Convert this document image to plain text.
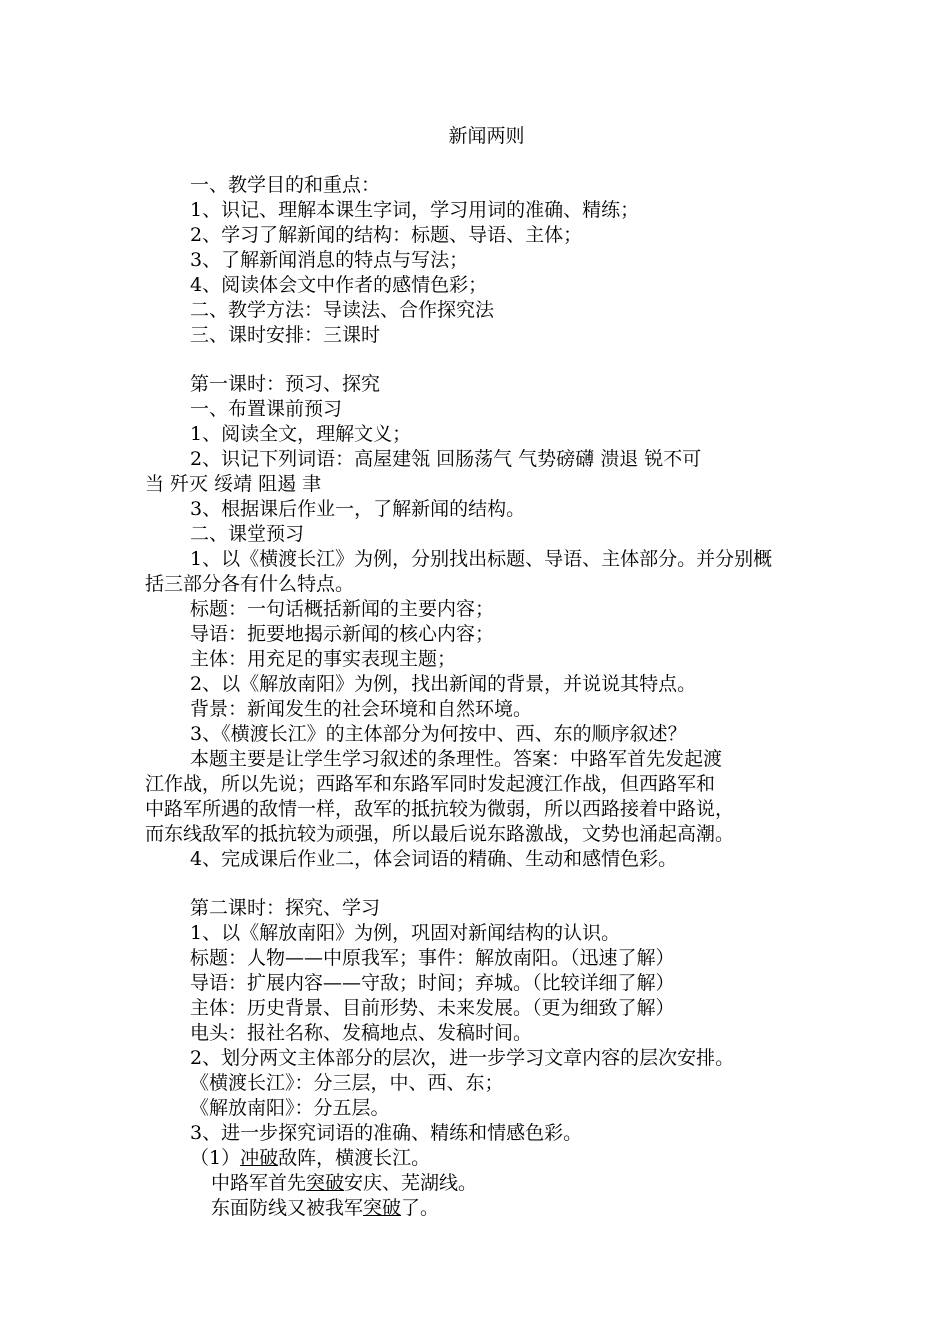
新闻两则
一、教学目的和重点：
1、识记、理解本课生字词，学习用词的准确、精练；
2、学习了解新闻的结构：标题、导语、主体；
3、了解新闻消息的特点与写法；
4、阅读体会文中作者的感情色彩；
二、教学方法：导读法、合作探究法
三、课时安排：三课时
第一课时：预习、探究
一、布置课前预习
1、阅读全文，理解文义；
2、识记下列词语：高屋建瓴 回肠荡气 气势磅礴 溃退 锐不可
当 歼灭 绥靖 阻遏 聿
3、根据课后作业一，了解新闻的结构。
二、课堂预习
1、以《横渡长江》为例，分别找出标题、导语、主体部分。并分别概
括三部分各有什么特点。
标题：一句话概括新闻的主要内容；
导语：扼要地揭示新闻的核心内容；
主体：用充足的事实表现主题；
2、以《解放南阳》为例，找出新闻的背景，并说说其特点。
背景：新闻发生的社会环境和自然环境。
3、《横渡长江》的主体部分为何按中、西、东的顺序叙述？
本题主要是让学生学习叙述的条理性。答案：中路军首先发起渡
江作战，所以先说；西路军和东路军同时发起渡江作战，但西路军和
中路军所遇的敌情一样，敌军的抵抗较为微弱，所以西路接着中路说，
而东线敌军的抵抗较为顽强，所以最后说东路激战，文势也涌起高潮。
4、完成课后作业二，体会词语的精确、生动和感情色彩。
第二课时：探究、学习
1、以《解放南阳》为例，巩固对新闻结构的认识。
标题：人物——中原我军；事件：解放南阳。（迅速了解）
导语：扩展内容——守敌；时间；弃城。（比较详细了解）
主体：历史背景、目前形势、未来发展。（更为细致了解）
电头：报社名称、发稿地点、发稿时间。
2、划分两文主体部分的层次，进一步学习文章内容的层次安排。
《横渡长江》：分三层，中、西、东；
《解放南阳》：分五层。
3、进一步探究词语的准确、精练和情感色彩。
（1）冲破敌阵，横渡长江。
中路军首先突破安庆、芜湖线。
东面防线又被我军突破了。
